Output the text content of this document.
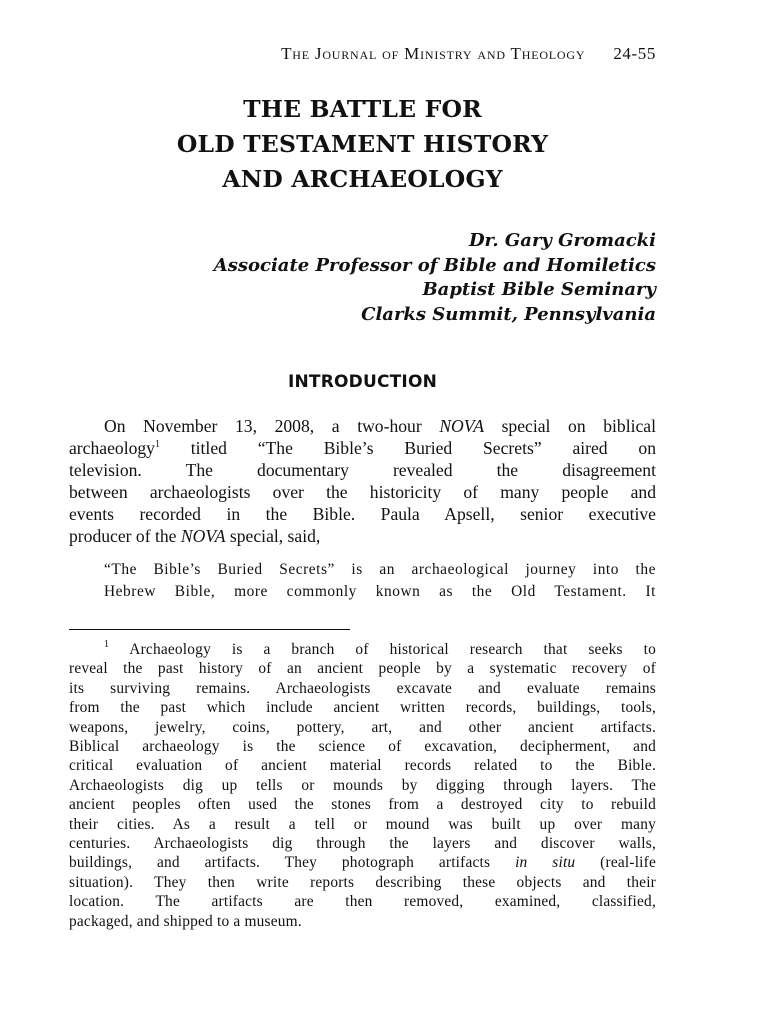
The Journal of Ministry and Theology 24-55
THE BATTLE FOR
OLD TESTAMENT HISTORY
AND ARCHAEOLOGY
Dr. Gary Gromacki
Associate Professor of Bible and Homiletics
Baptist Bible Seminary
Clarks Summit, Pennsylvania
INTRODUCTION
On November 13, 2008, a two-hour NOVA special on biblical
archaeology$^1$ titled “The Bible’s Buried Secrets” aired on
television. The documentary revealed the disagreement
between archaeologists over the historicity of many people and
events recorded in the Bible. Paula Apsell, senior executive
producer of the NOVA special, said,
“The Bible’s Buried Secrets” is an archaeological journey into the
Hebrew Bible, more commonly known as the Old Testament. It
$^1$ Archaeology is a branch of historical research that seeks to
reveal the past history of an ancient people by a systematic recovery of
its surviving remains. Archaeologists excavate and evaluate remains
from the past which include ancient written records, buildings, tools,
weapons, jewelry, coins, pottery, art, and other ancient artifacts.
Biblical archaeology is the science of excavation, decipherment, and
critical evaluation of ancient material records related to the Bible.
Archaeologists dig up tells or mounds by digging through layers. The
ancient peoples often used the stones from a destroyed city to rebuild
their cities. As a result a tell or mound was built up over many
centuries. Archaeologists dig through the layers and discover walls,
buildings, and artifacts. They photograph artifacts in situ (real-life
situation). They then write reports describing these objects and their
location. The artifacts are then removed, examined, classified,
packaged, and shipped to a museum.
